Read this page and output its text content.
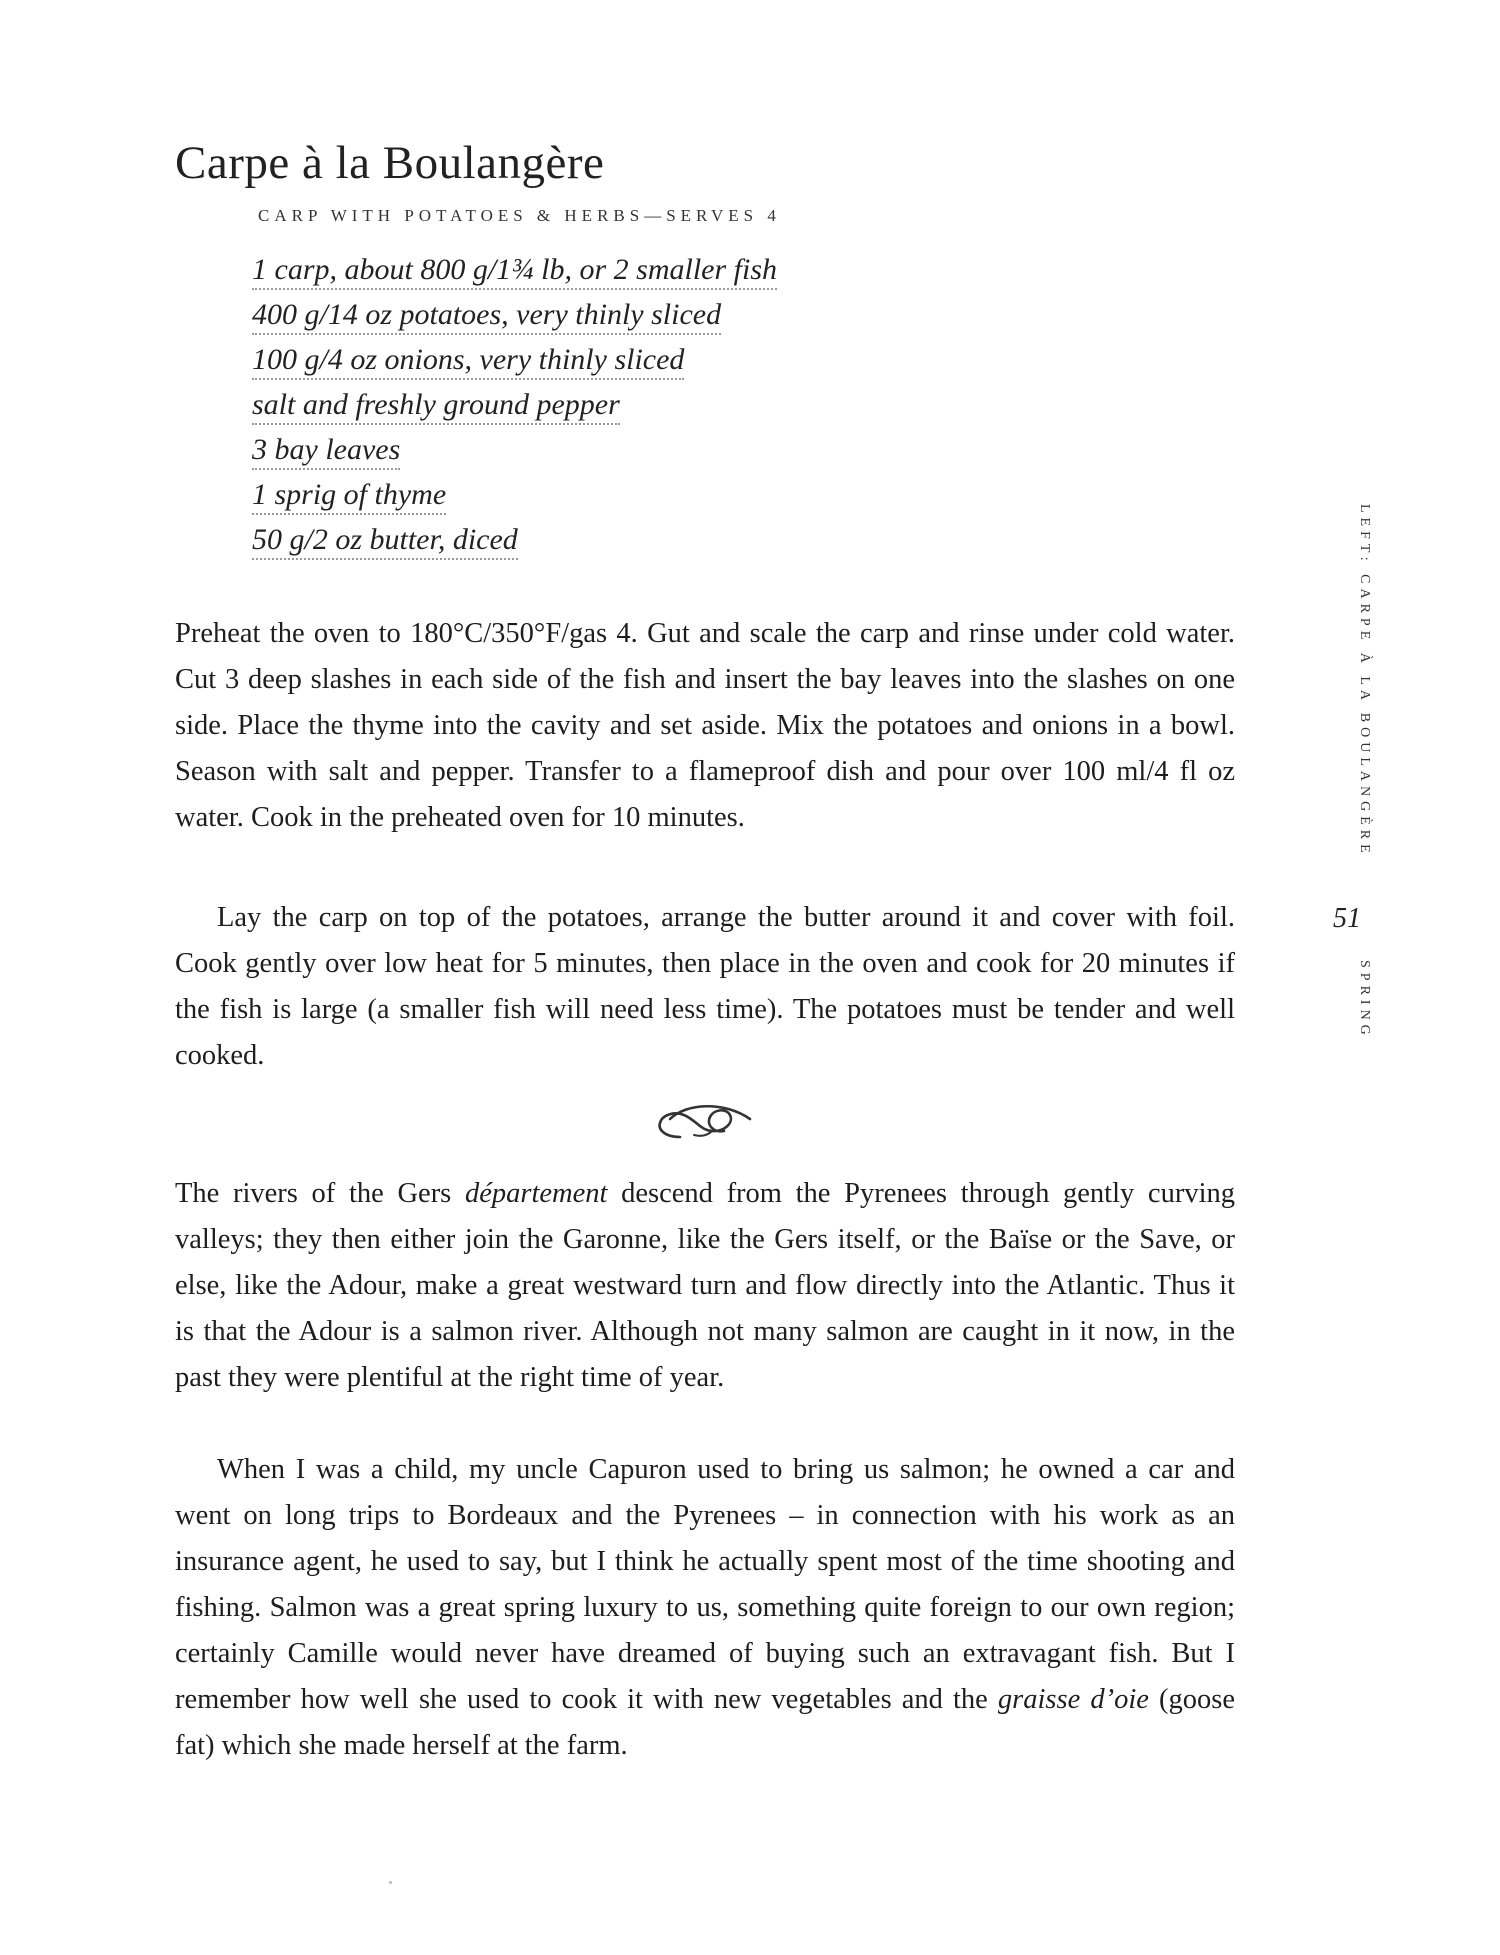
Carpe à la Boulangère

CARP WITH POTATOES & HERBS—SERVES 4

1 carp, about 800 g/1¾ lb, or 2 smaller fish
400 g/14 oz potatoes, very thinly sliced
100 g/4 oz onions, very thinly sliced
salt and freshly ground pepper
3 bay leaves
1 sprig of thyme
50 g/2 oz butter, diced

Preheat the oven to 180°C/350°F/gas 4. Gut and scale the carp and rinse under cold water. Cut 3 deep slashes in each side of the fish and insert the bay leaves into the slashes on one side. Place the thyme into the cavity and set aside. Mix the potatoes and onions in a bowl. Season with salt and pepper. Transfer to a flameproof dish and pour over 100 ml/4 fl oz water. Cook in the preheated oven for 10 minutes.

Lay the carp on top of the potatoes, arrange the butter around it and cover with foil. Cook gently over low heat for 5 minutes, then place in the oven and cook for 20 minutes if the fish is large (a smaller fish will need less time). The potatoes must be tender and well cooked.

The rivers of the Gers département descend from the Pyrenees through gently curving valleys; they then either join the Garonne, like the Gers itself, or the Baïse or the Save, or else, like the Adour, make a great westward turn and flow directly into the Atlantic. Thus it is that the Adour is a salmon river. Although not many salmon are caught in it now, in the past they were plentiful at the right time of year.

When I was a child, my uncle Capuron used to bring us salmon; he owned a car and went on long trips to Bordeaux and the Pyrenees – in connection with his work as an insurance agent, he used to say, but I think he actually spent most of the time shooting and fishing. Salmon was a great spring luxury to us, something quite foreign to our own region; certainly Camille would never have dreamed of buying such an extravagant fish. But I remember how well she used to cook it with new vegetables and the graisse d’oie (goose fat) which she made herself at the farm.

LEFT: CARPE À LA BOULANGÈRE

51

SPRING
